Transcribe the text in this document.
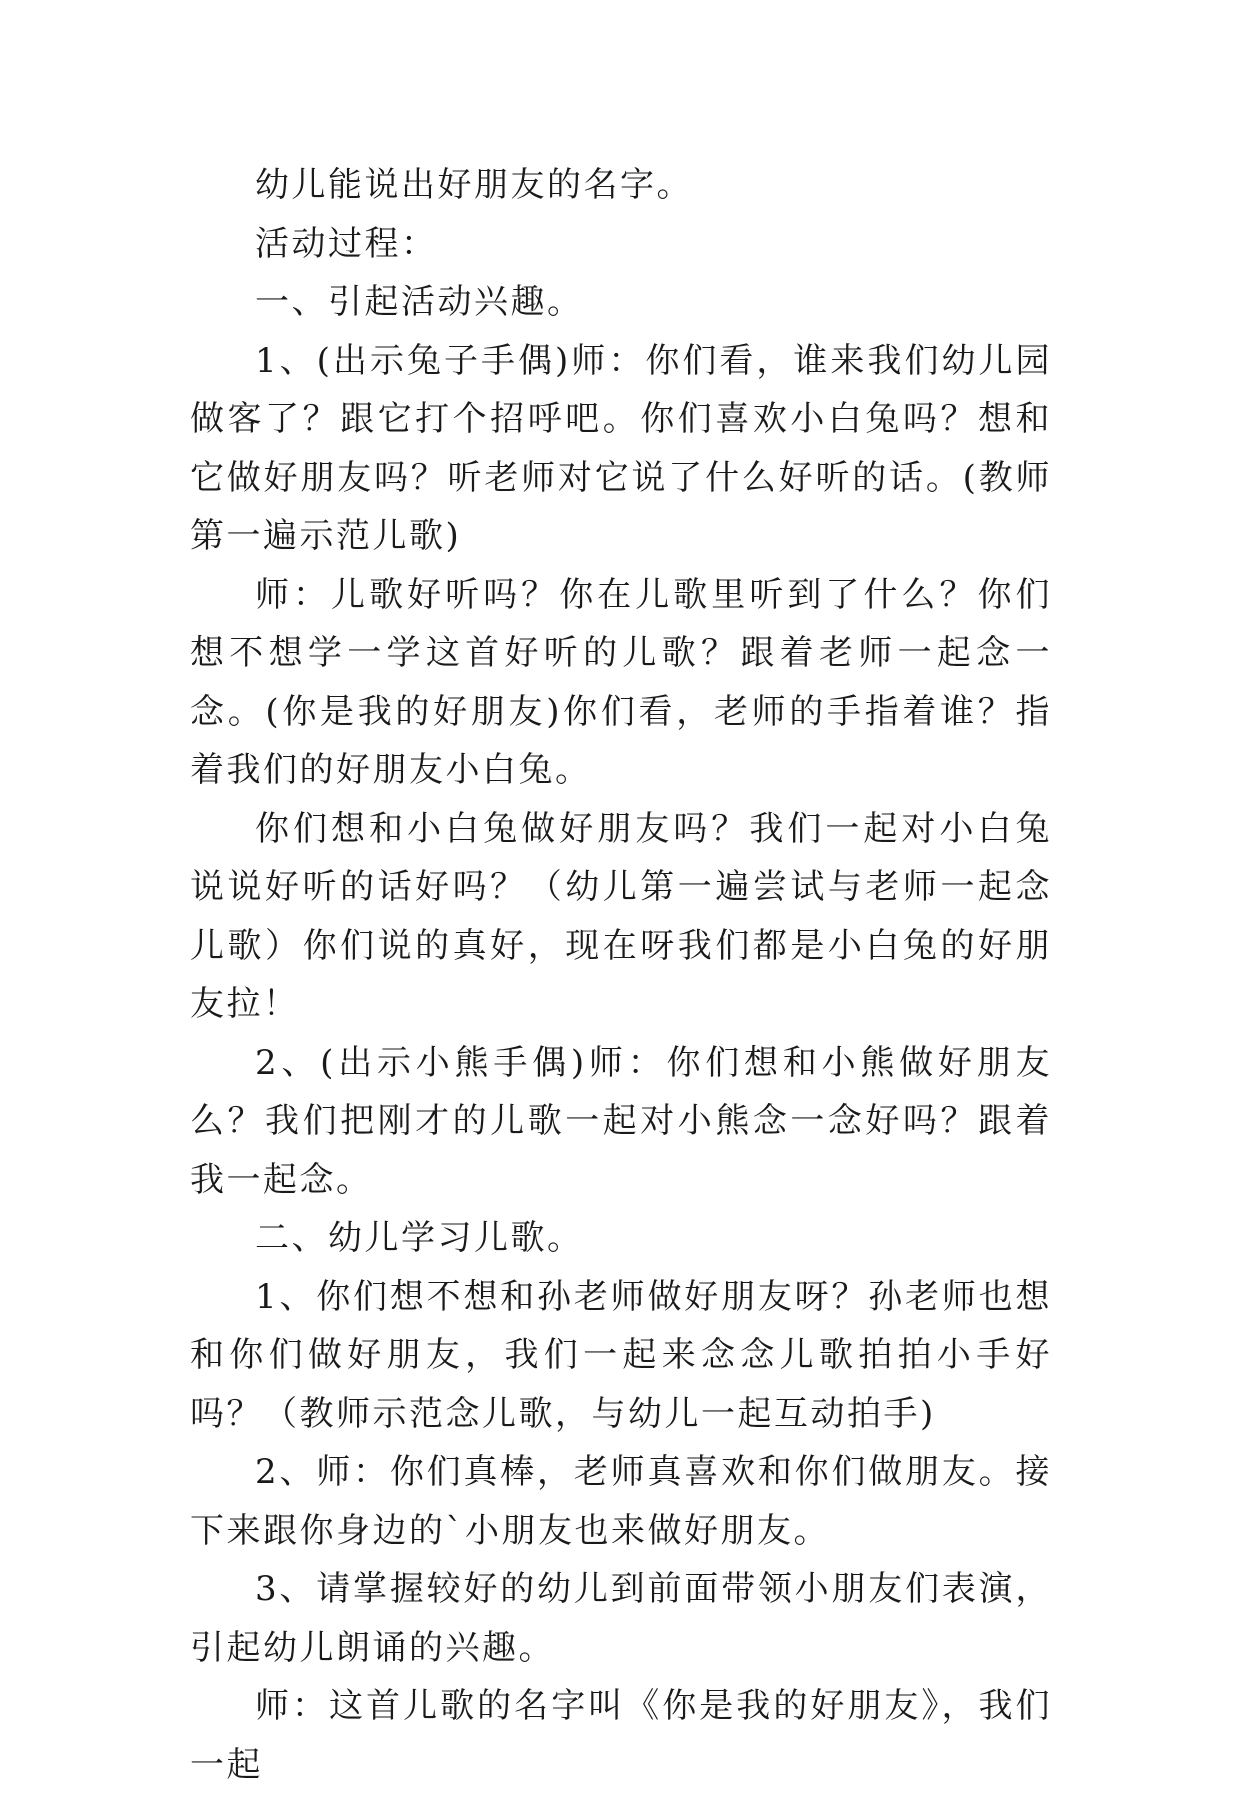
幼儿能说出好朋友的名字。

活动过程：

一、引起活动兴趣。

1、(出示兔子手偶)师：你们看，谁来我们幼儿园做客了？跟它打个招呼吧。你们喜欢小白兔吗？想和它做好朋友吗？听老师对它说了什么好听的话。(教师第一遍示范儿歌)

师：儿歌好听吗？你在儿歌里听到了什么？你们想不想学一学这首好听的儿歌？跟着老师一起念一念。(你是我的好朋友)你们看，老师的手指着谁？指着我们的好朋友小白兔。

你们想和小白兔做好朋友吗？我们一起对小白兔说说好听的话好吗？（幼儿第一遍尝试与老师一起念儿歌）你们说的真好，现在呀我们都是小白兔的好朋友拉！

2、(出示小熊手偶)师：你们想和小熊做好朋友么？我们把刚才的儿歌一起对小熊念一念好吗？跟着我一起念。

二、幼儿学习儿歌。

1、你们想不想和孙老师做好朋友呀？孙老师也想和你们做好朋友，我们一起来念念儿歌拍拍小手好吗？（教师示范念儿歌，与幼儿一起互动拍手)

2、师：你们真棒，老师真喜欢和你们做朋友。接下来跟你身边的`小朋友也来做好朋友。

3、请掌握较好的幼儿到前面带领小朋友们表演，引起幼儿朗诵的兴趣。

师：这首儿歌的名字叫《你是我的好朋友》，我们一起
